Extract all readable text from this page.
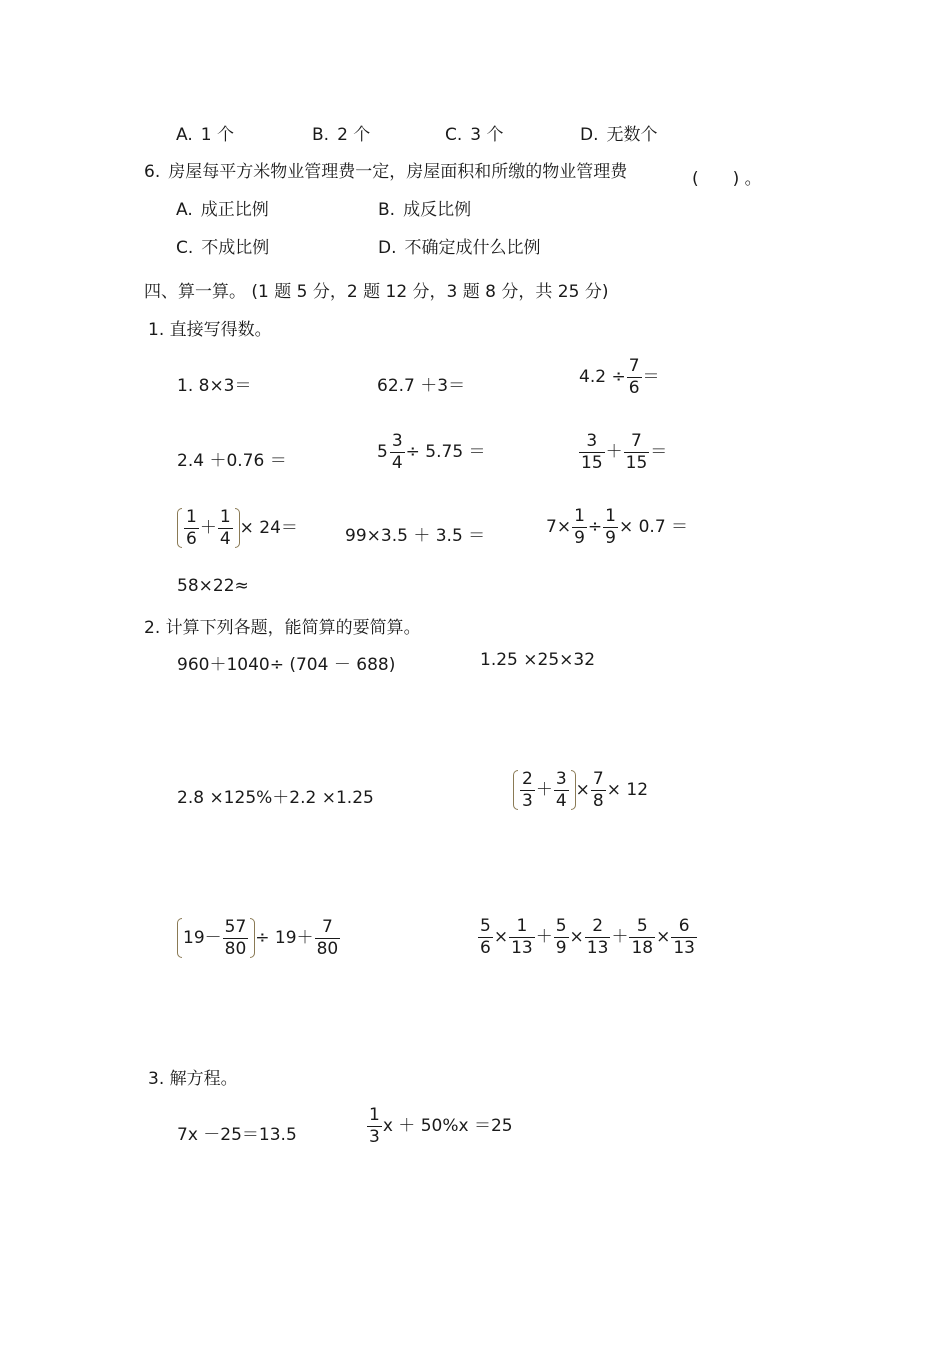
A. 1 个	B. 2 个	C. 3 个	D. 无数个
6. 房屋每平方米物业管理费一定，房屋面积和所缴的物业管理费	(　　) 。
A. 成正比例	B. 成反比例
C. 不成比例	D. 不确定成什么比例
四、算一算。 (1 题 5 分，2 题 12 分，3 题 8 分，共 25 分)
1. 直接写得数。
1. 8×3＝	62.7 ＋3＝	$4.2 \div \frac{7}{6}$ ＝
2.4 ＋0.76 ＝	$5 \frac{3}{4} \div 5.75$ ＝	$\frac{3}{15} + \frac{7}{15}$ ＝
$\frac{1}{6} + \frac{1}{4} \times 24=$	99×3.5 ＋ 3.5 ＝	$7\times \frac{1}{9} \div \frac{1}{9} \times 0.7$ ＝
58×22≈
2. 计算下列各题，能简算的要简算。
960＋1040÷ (704 － 688)	1.25 ×25×32
2.8 ×125%＋2.2 ×1.25	$\frac{2}{3} + \frac{3}{4} \times \frac{7}{8} \times 12$
$19- \frac{57}{80} \div 19+ \frac{7}{80}$	$\frac{5}{6} \times \frac{1}{13} + \frac{5}{9} \times \frac{2}{13} + \frac{5}{18} \times \frac{6}{13}$
3. 解方程。
7x －25＝13.5	$\frac{1}{3}$ x ＋ 50%x ＝25
